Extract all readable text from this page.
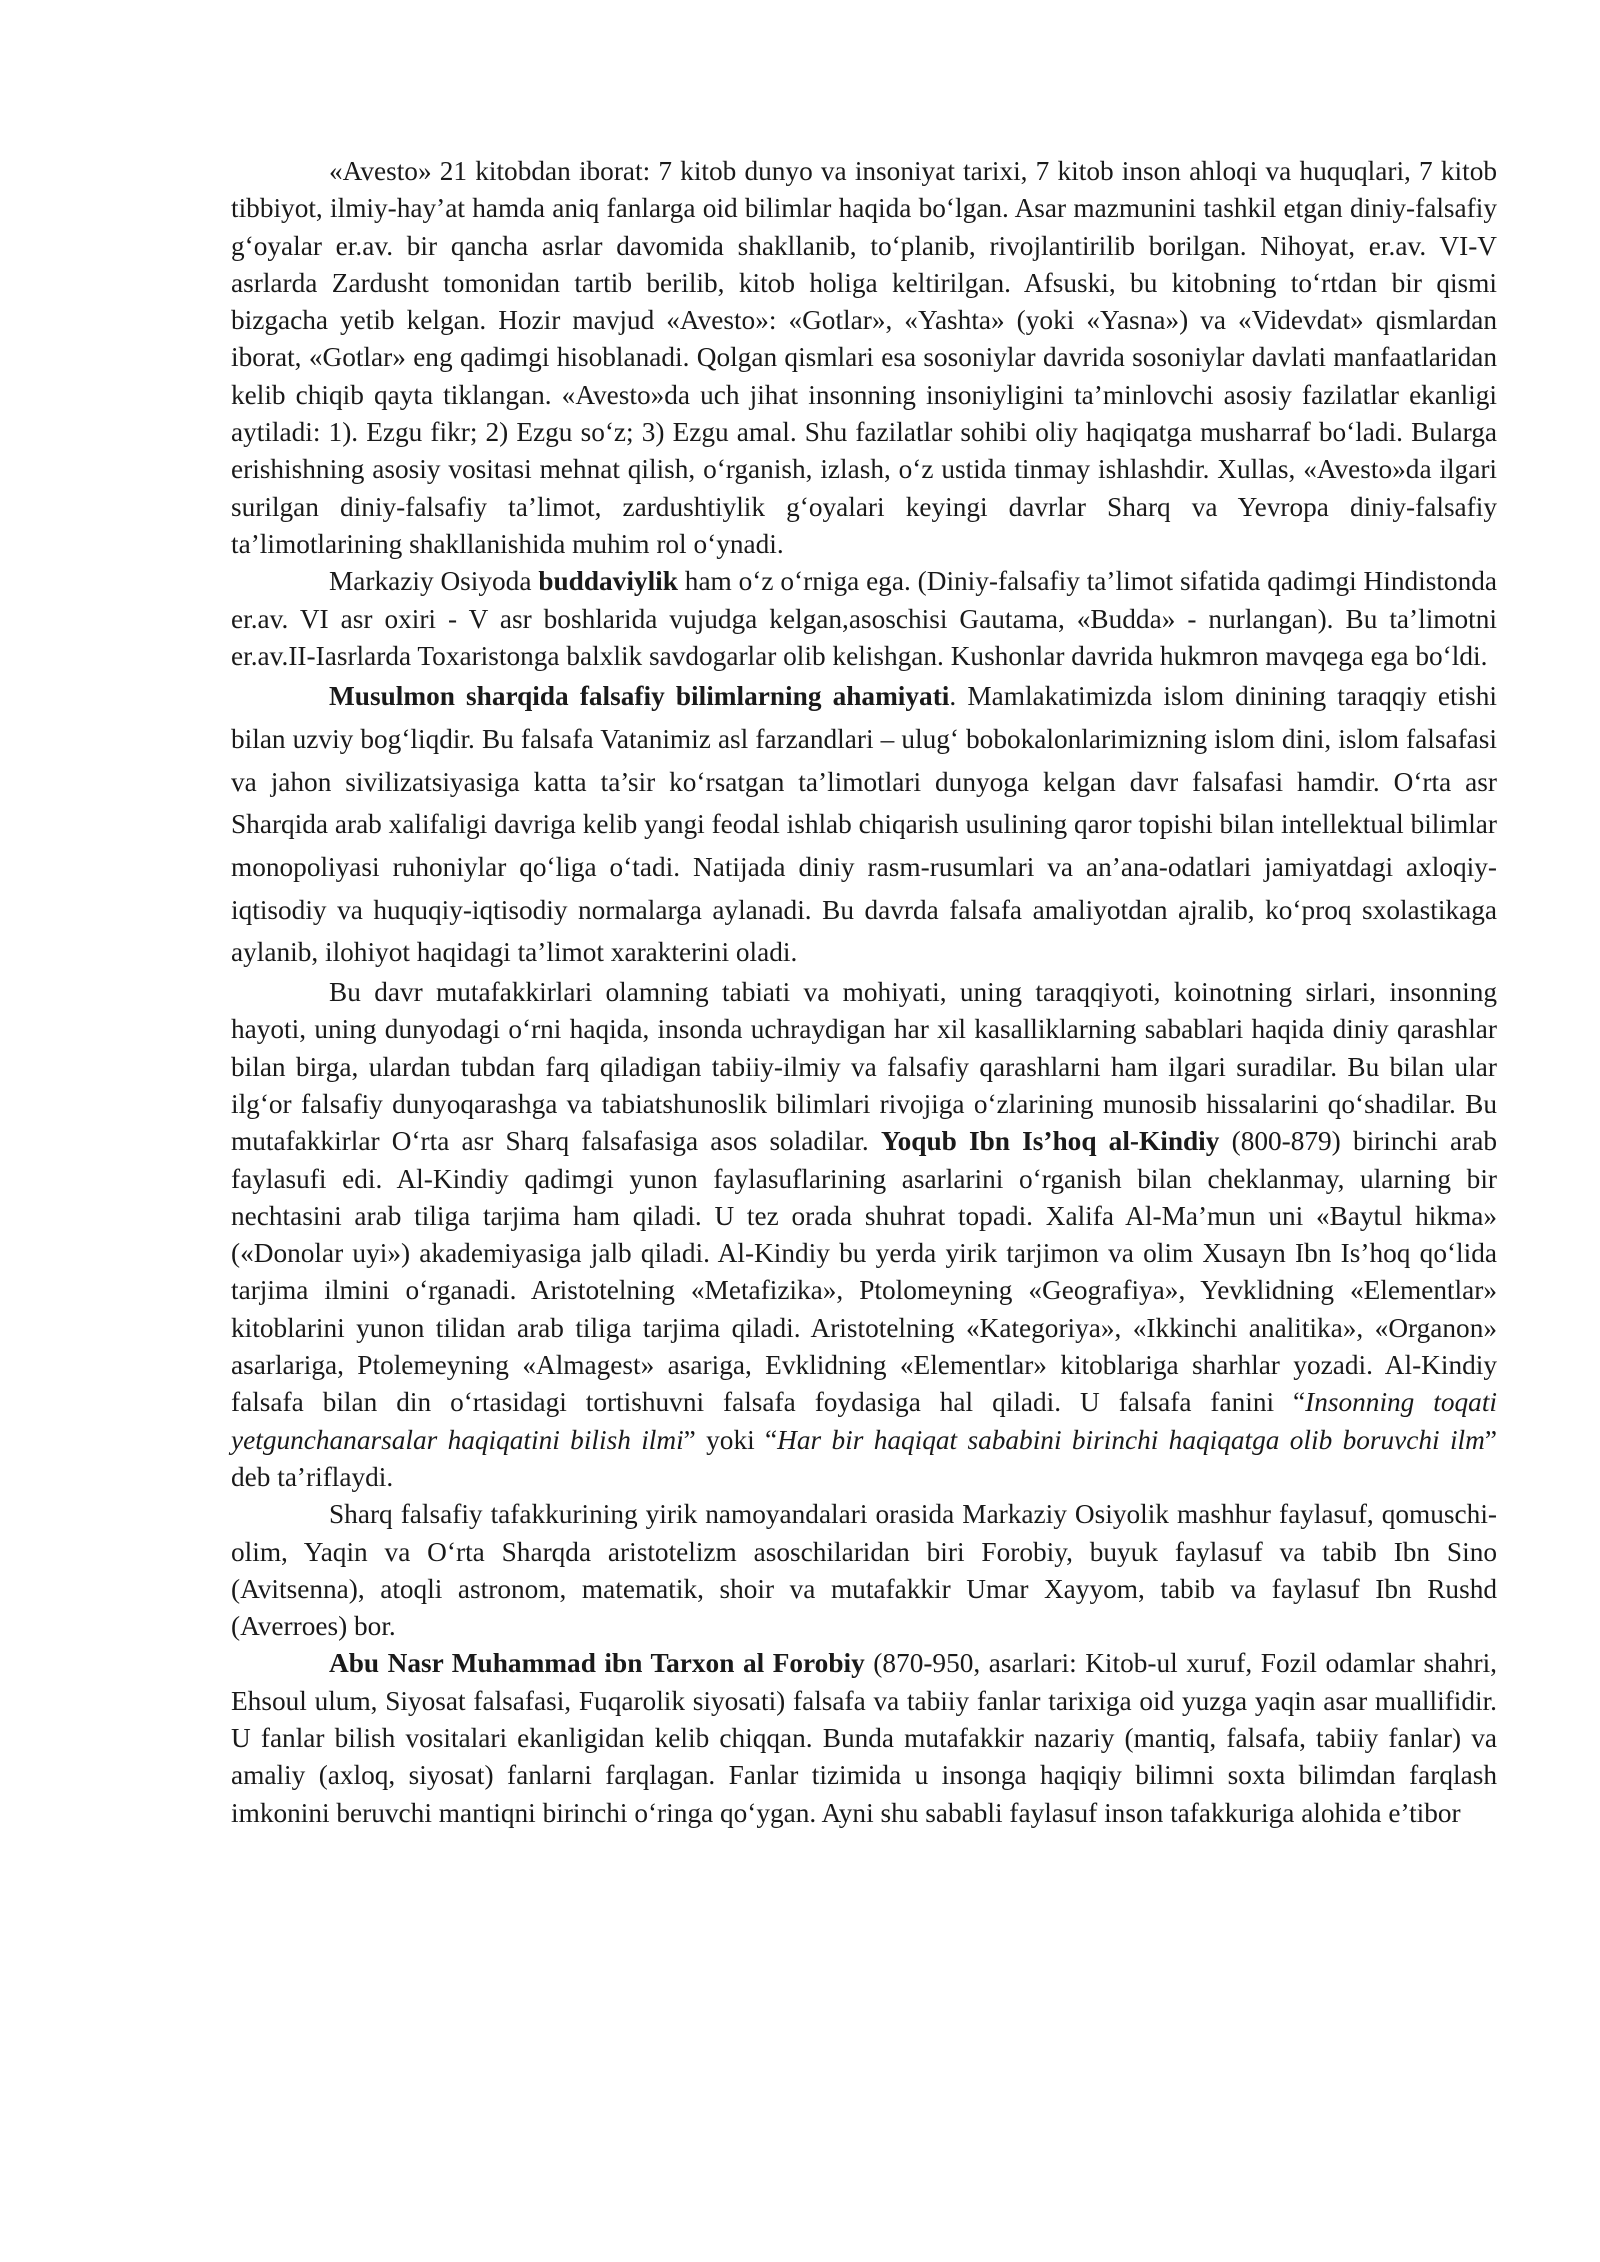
«Avesto» 21 kitobdan iborat: 7 kitob dunyo va insoniyat tarixi, 7 kitob inson ahloqi va huquqlari, 7 kitob tibbiyot, ilmiy-hay’at hamda aniq fanlarga oid bilimlar haqida bo‘lgan. Asar mazmunini tashkil etgan diniy-falsafiy g‘oyalar er.av. bir qancha asrlar davomida shakllanib, to‘planib, rivojlantirilib borilgan. Nihoyat, er.av. VI-V asrlarda Zardusht tomonidan tartib berilib, kitob holiga keltirilgan. Afsuski, bu kitobning to‘rtdan bir qismi bizgacha yetib kelgan. Hozir mavjud «Avesto»: «Gotlar», «Yashta» (yoki «Yasna») va «Videvdat» qismlardan iborat, «Gotlar» eng qadimgi hisoblanadi. Qolgan qismlari esa sosoniylar davrida sosoniylar davlati manfaatlaridan kelib chiqib qayta tiklangan. «Avesto»da uch jihat insonning insoniyligini ta’minlovchi asosiy fazilatlar ekanligi aytiladi: 1). Ezgu fikr; 2) Ezgu so‘z; 3) Ezgu amal. Shu fazilatlar sohibi oliy haqiqatga musharraf bo‘ladi. Bularga erishishning asosiy vositasi mehnat qilish, o‘rganish, izlash, o‘z ustida tinmay ishlashdir. Xullas, «Avesto»da ilgari surilgan diniy-falsafiy ta’limot, zardushtiylik g‘oyalari keyingi davrlar Sharq va Yevropa diniy-falsafiy ta’limotlarining shakllanishida muhim rol o‘ynadi.

Markaziy Osiyoda buddaviylik ham o‘z o‘rniga ega. (Diniy-falsafiy ta’limot sifatida qadimgi Hindistonda er.av. VI asr oxiri - V asr boshlarida vujudga kelgan,asoschisi Gautama, «Budda» - nurlangan). Bu ta’limotni er.av.II-Iasrlarda Toxaristonga balxlik savdogarlar olib kelishgan. Kushonlar davrida hukmron mavqega ega bo‘ldi.

Musulmon sharqida falsafiy bilimlarning ahamiyati. Mamlakatimizda islom dinining taraqqiy etishi bilan uzviy bog‘liqdir. Bu falsafa Vatanimiz asl farzandlari – ulug‘ bobokalonlarimizning islom dini, islom falsafasi va jahon sivilizatsiyasiga katta ta’sir ko‘rsatgan ta’limotlari dunyoga kelgan davr falsafasi hamdir. O‘rta asr Sharqida arab xalifaligi davriga kelib yangi feodal ishlab chiqarish usulining qaror topishi bilan intellektual bilimlar monopoliyasi ruhoniylar qo‘liga o‘tadi. Natijada diniy rasm-rusumlari va an’ana-odatlari jamiyatdagi axloqiy-iqtisodiy va huquqiy-iqtisodiy normalarga aylanadi. Bu davrda falsafa amaliyotdan ajralib, ko‘proq sxolastikaga aylanib, ilohiyot haqidagi ta’limot xarakterini oladi.

Bu davr mutafakkirlari olamning tabiati va mohiyati, uning taraqqiyoti, koinotning sirlari, insonning hayoti, uning dunyodagi o‘rni haqida, insonda uchraydigan har xil kasalliklarning sabablari haqida diniy qarashlar bilan birga, ulardan tubdan farq qiladigan tabiiy-ilmiy va falsafiy qarashlarni ham ilgari suradilar. Bu bilan ular ilg‘or falsafiy dunyoqarashga va tabiatshunoslik bilimlari rivojiga o‘zlarining munosib hissalarini qo‘shadilar. Bu mutafakkirlar O‘rta asr Sharq falsafasiga asos soladilar. Yoqub Ibn Is’hoq al-Kindiy (800-879) birinchi arab faylasufi edi. Al-Kindiy qadimgi yunon faylasuflarining asarlarini o‘rganish bilan cheklanmay, ularning bir nechtasini arab tiliga tarjima ham qiladi. U tez orada shuhrat topadi. Xalifa Al-Ma’mun uni «Baytul hikma» («Donolar uyi») akademiyasiga jalb qiladi. Al-Kindiy bu yerda yirik tarjimon va olim Xusayn Ibn Is’hoq qo‘lida tarjima ilmini o‘rganadi. Aristotelning «Metafizika», Ptolomeyning «Geografiya», Yevklidning «Elementlar» kitoblarini yunon tilidan arab tiliga tarjima qiladi. Aristotelning «Kategoriya», «Ikkinchi analitika», «Organon» asarlariga, Ptolemeyning «Almagest» asariga, Evklidning «Elementlar» kitoblariga sharhlar yozadi. Al-Kindiy falsafa bilan din o‘rtasidagi tortishuvni falsafa foydasiga hal qiladi. U falsafa fanini “Insonning toqati yetgunchanarsalar haqiqatini bilish ilmi” yoki “Har bir haqiqat sababini birinchi haqiqatga olib boruvchi ilm” deb ta’riflaydi.

Sharq falsafiy tafakkurining yirik namoyandalari orasida Markaziy Osiyolik mashhur faylasuf, qomuschi-olim, Yaqin va O‘rta Sharqda aristotelizm asoschilaridan biri Forobiy, buyuk faylasuf va tabib Ibn Sino (Avitsenna), atoqli astronom, matematik, shoir va mutafakkir Umar Xayyom, tabib va faylasuf Ibn Rushd (Averroes) bor.

Abu Nasr Muhammad ibn Tarxon al Forobiy (870-950, asarlari: Kitob-ul xuruf, Fozil odamlar shahri, Ehsoul ulum, Siyosat falsafasi, Fuqarolik siyosati) falsafa va tabiiy fanlar tarixiga oid yuzga yaqin asar muallifidir. U fanlar bilish vositalari ekanligidan kelib chiqqan. Bunda mutafakkir nazariy (mantiq, falsafa, tabiiy fanlar) va amaliy (axloq, siyosat) fanlarni farqlagan. Fanlar tizimida u insonga haqiqiy bilimni soxta bilimdan farqlash imkonini beruvchi mantiqni birinchi o‘ringa qo‘ygan. Ayni shu sababli faylasuf inson tafakkuriga alohida e’tibor
